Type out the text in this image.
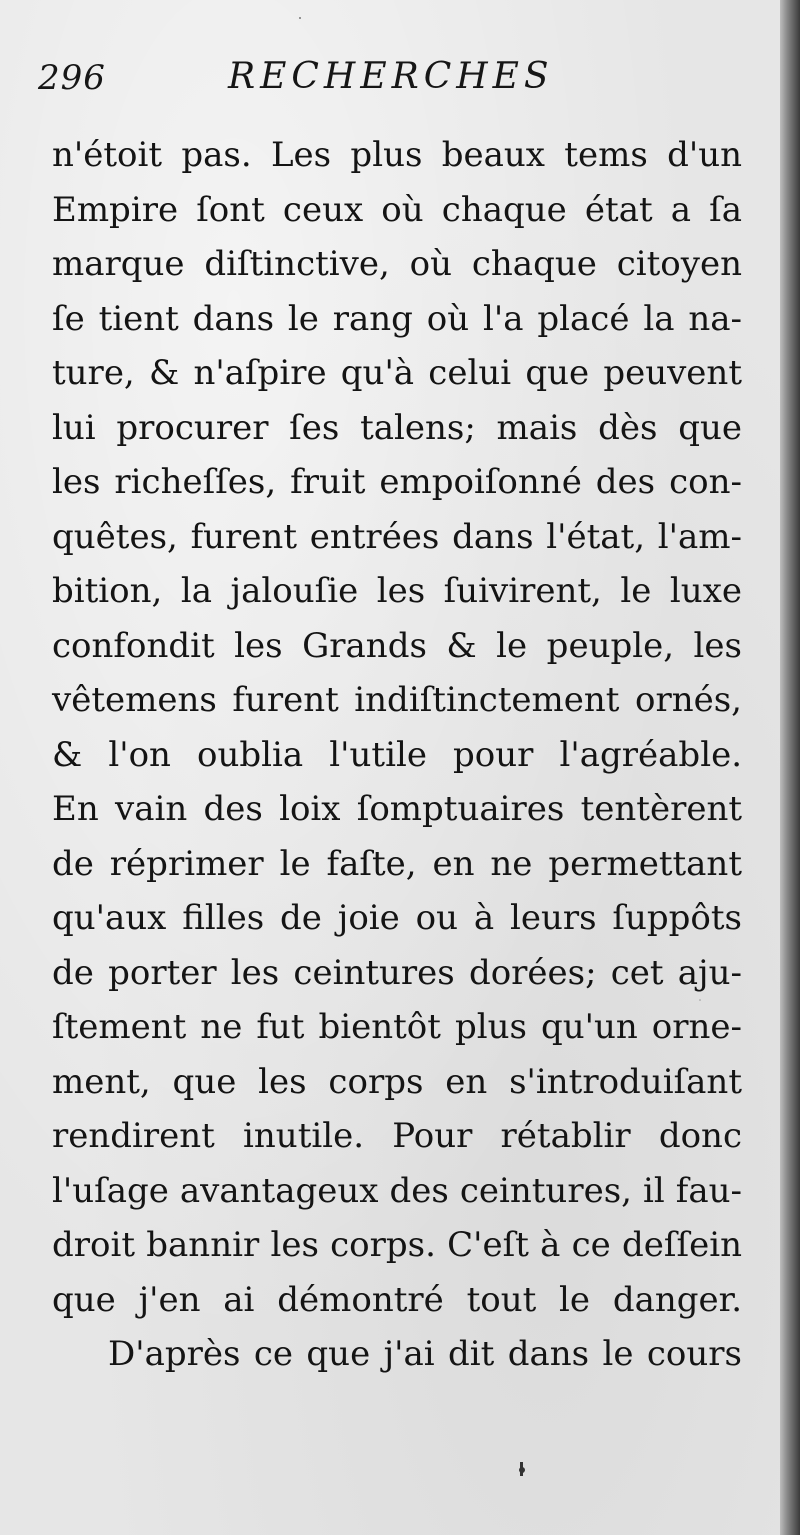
296	RECHERCHES
n'étoit pas. Les plus beaux tems d'un
Empire ſont ceux où chaque état a ſa
marque diſtinctive, où chaque citoyen
ſe tient dans le rang où l'a placé la na-
ture, & n'aſpire qu'à celui que peuvent
lui procurer ſes talens; mais dès que
les richeſſes, fruit empoiſonné des con-
quêtes, furent entrées dans l'état, l'am-
bition, la jalouſie les ſuivirent, le luxe
confondit les Grands & le peuple, les
vêtemens furent indiſtinctement ornés,
& l'on oublia l'utile pour l'agréable.
En vain des loix ſomptuaires tentèrent
de réprimer le faſte, en ne permettant
qu'aux filles de joie ou à leurs ſuppôts
de porter les ceintures dorées; cet aju-
ſtement ne fut bientôt plus qu'un orne-
ment, que les corps en s'introduiſant
rendirent inutile. Pour rétablir donc
l'uſage avantageux des ceintures, il fau-
droit bannir les corps. C'eſt à ce deſſein
que j'en ai démontré tout le danger.
D'après ce que j'ai dit dans le cours
